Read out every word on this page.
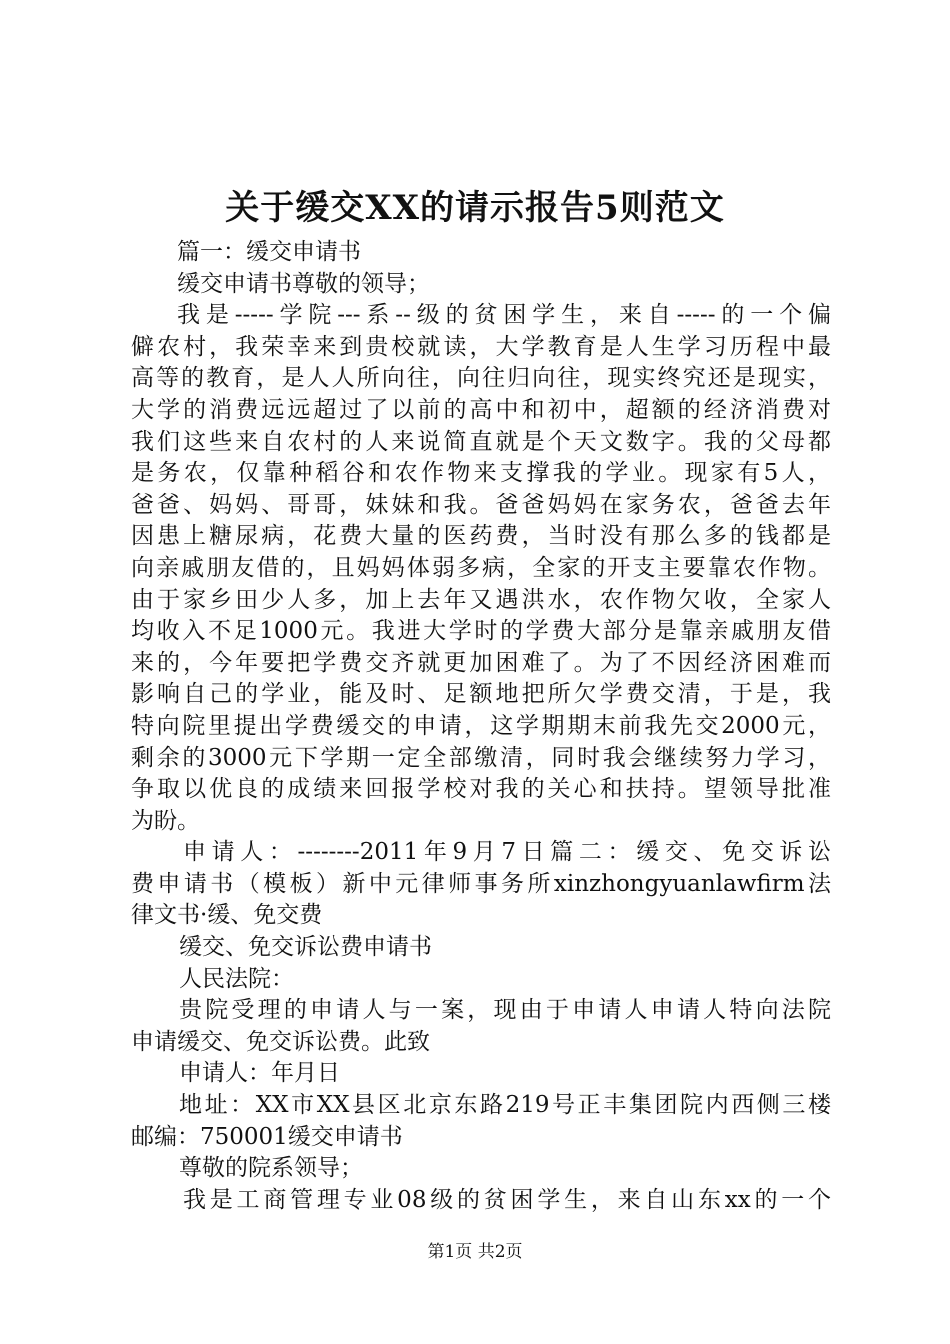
关于缓交XX的请示报告5则范文
篇一：缓交申请书
缓交申请书尊敬的领导；
我是-----学院---系--级的贫困学生，来自-----的一个偏
僻农村，我荣幸来到贵校就读，大学教育是人生学习历程中最
高等的教育，是人人所向往，向往归向往，现实终究还是现实，
大学的消费远远超过了以前的高中和初中，超额的经济消费对
我们这些来自农村的人来说简直就是个天文数字。我的父母都
是务农，仅靠种稻谷和农作物来支撑我的学业。现家有5人，
爸爸、妈妈、哥哥，妹妹和我。爸爸妈妈在家务农，爸爸去年
因患上糖尿病，花费大量的医药费，当时没有那么多的钱都是
向亲戚朋友借的，且妈妈体弱多病，全家的开支主要靠农作物。
由于家乡田少人多，加上去年又遇洪水，农作物欠收，全家人
均收入不足1000元。我进大学时的学费大部分是靠亲戚朋友借
来的，今年要把学费交齐就更加困难了。为了不因经济困难而
影响自己的学业，能及时、足额地把所欠学费交清，于是，我
特向院里提出学费缓交的申请，这学期期末前我先交2000元，
剩余的3000元下学期一定全部缴清，同时我会继续努力学习，
争取以优良的成绩来回报学校对我的关心和扶持。望领导批准
为盼。
申请人：--------2011年9月7日篇二：缓交、免交诉讼
费申请书（模板）新中元律师事务所xinzhongyuanlawfirm法
律文书·缓、免交费
缓交、免交诉讼费申请书
人民法院：
贵院受理的申请人与一案，现由于申请人申请人特向法院
申请缓交、免交诉讼费。此致
申请人：年月日
地址：XX市XX县区北京东路219号正丰集团院内西侧三楼
邮编：750001缓交申请书
尊敬的院系领导；
我是工商管理专业08级的贫困学生，来自山东xx的一个
第1页 共2页
